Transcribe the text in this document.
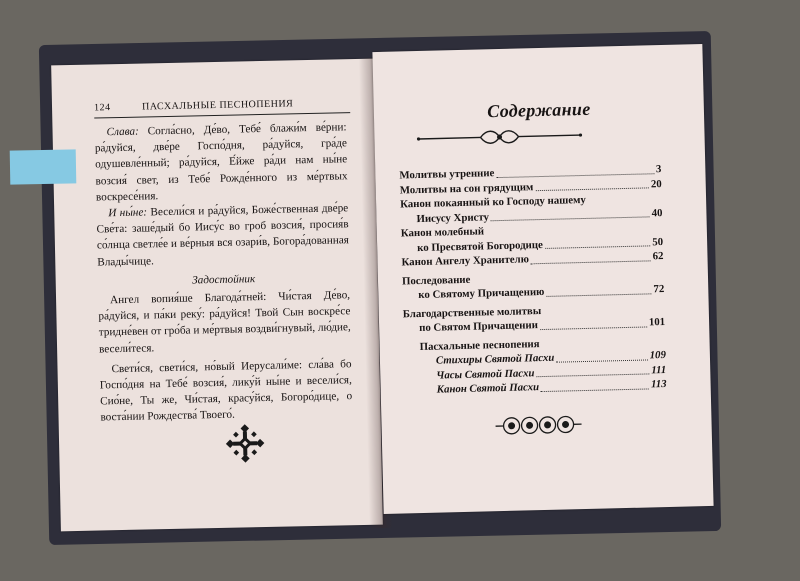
124	ПАСХАЛЬНЫЕ ПЕСНОПЕНИЯ

Слава: Согла́сно, Де́во, Тебе́ блажи́м ве́рни: ра́дуйся, две́ре Госпо́дня, ра́дуйся, гра́де одушевле́нный; ра́дуйся, Е́йже ра́ди нам ны́не возсия́ свет, из Тебе́ Рожде́нного из ме́ртвых воскресе́ния.

И ны́не: Весели́ся и ра́дуйся, Боже́ственная две́ре Све́та: заше́дый бо Иису́с во гроб возсия́, просия́в со́лнца светле́е и ве́рныя вся озари́в, Богора́дованная Влады́чице.

Задостойник

Ангел вопия́ше Благода́тней: Чи́стая Де́во, ра́дуйся, и па́ки реку́: ра́дуйся! Твой Сын воскре́се тридне́вен от гро́ба и ме́ртвыя воздви́гнувый, лю́дие, весели́теся.

Свети́ся, свети́ся, но́вый Иерусали́ме: сла́ва бо Госпо́дня на Тебе́ возсия́, лику́й ны́не и весели́ся, Сио́не, Ты же, Чи́стая, красу́йся, Богоро́дице, о воста́нии Рождества́ Твоего́.

Содержание
Молитвы утренние	3
Молитвы на сон грядущим	20
Канон покаянный ко Господу нашему
Иисусу Христу	40
Канон молебный
ко Пресвятой Богородице	50
Канон Ангелу Хранителю	62
Последование
ко Святому Причащению	72
Благодарственные молитвы
по Святом Причащении	101
Пасхальные песнопения
Стихиры Святой Пасхи	109
Часы Святой Пасхи	111
Канон Святой Пасхи	113
